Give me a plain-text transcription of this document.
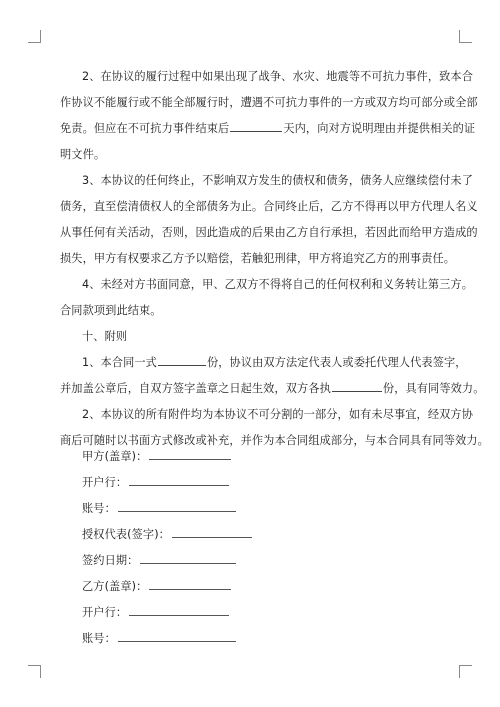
2、在协议的履行过程中如果出现了战争、水灾、地震等不可抗力事件，致本合
作协议不能履行或不能全部履行时，遭遇不可抗力事件的一方或双方均可部分或全部
免责。但应在不可抗力事件结束后	天内，向对方说明理由并提供相关的证
明文件。
3、本协议的任何终止，不影响双方发生的债权和债务，债务人应继续偿付未了
债务，直至偿清债权人的全部债务为止。合同终止后，乙方不得再以甲方代理人名义
从事任何有关活动，否则，因此造成的后果由乙方自行承担，若因此而给甲方造成的
损失，甲方有权要求乙方予以赔偿，若触犯刑律，甲方将追究乙方的刑事责任。
4、未经对方书面同意，甲、乙双方不得将自己的任何权利和义务转让第三方。
合同款项到此结束。
十、附则
1、本合同一式	份，协议由双方法定代表人或委托代理人代表签字，
并加盖公章后，自双方签字盖章之日起生效，双方各执	份，具有同等效力。
2、本协议的所有附件均为本协议不可分割的一部分，如有未尽事宜，经双方协
商后可随时以书面方式修改或补充，并作为本合同组成部分，与本合同具有同等效力。
甲方(盖章)：
开户行：
账号：
授权代表(签字)：
签约日期：
乙方(盖章)：
开户行：
账号：
